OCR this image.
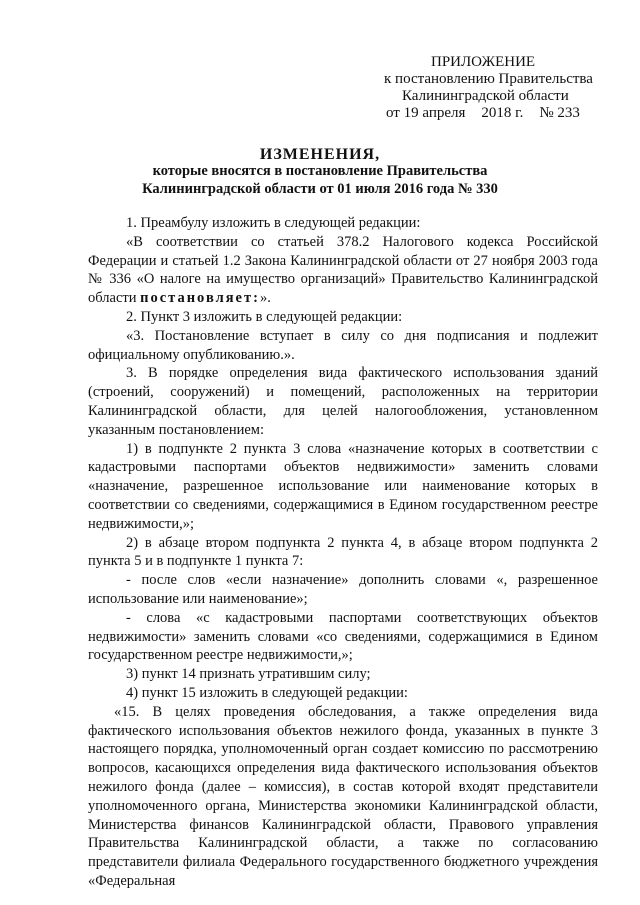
ПРИЛОЖЕНИЕ
к постановлению Правительства
Калининградской области
от 19 апреля 2018 г. № 233
ИЗМЕНЕНИЯ,
которые вносятся в постановление Правительства
Калининградской области от 01 июля 2016 года № 330

1. Преамбулу изложить в следующей редакции:

«В соответствии со статьей 378.2 Налогового кодекса Российской Федерации и статьей 1.2 Закона Калининградской области от 27 ноября 2003 года № 336 «О налоге на имущество организаций» Правительство Калининградской области постановляет:».

2. Пункт 3 изложить в следующей редакции:

«3. Постановление вступает в силу со дня подписания и подлежит официальному опубликованию.».

3. В порядке определения вида фактического использования зданий (строений, сооружений) и помещений, расположенных на территории Калининградской области, для целей налогообложения, установленном указанным постановлением:

1) в подпункте 2 пункта 3 слова «назначение которых в соответствии с кадастровыми паспортами объектов недвижимости» заменить словами «назначение, разрешенное использование или наименование которых в соответствии со сведениями, содержащимися в Едином государственном реестре недвижимости,»;

2) в абзаце втором подпункта 2 пункта 4, в абзаце втором подпункта 2 пункта 5 и в подпункте 1 пункта 7:

- после слов «если назначение» дополнить словами «, разрешенное использование или наименование»;

- слова «с кадастровыми паспортами соответствующих объектов недвижимости» заменить словами «со сведениями, содержащимися в Едином государственном реестре недвижимости,»;

3) пункт 14 признать утратившим силу;

4) пункт 15 изложить в следующей редакции:

«15. В целях проведения обследования, а также определения вида фактического использования объектов нежилого фонда, указанных в пункте 3 настоящего порядка, уполномоченный орган создает комиссию по рассмотрению вопросов, касающихся определения вида фактического использования объектов нежилого фонда (далее – комиссия), в состав которой входят представители уполномоченного органа, Министерства экономики Калининградской области, Министерства финансов Калининградской области, Правового управления Правительства Калининградской области, а также по согласованию представители филиала Федерального государственного бюджетного учреждения «Федеральная
